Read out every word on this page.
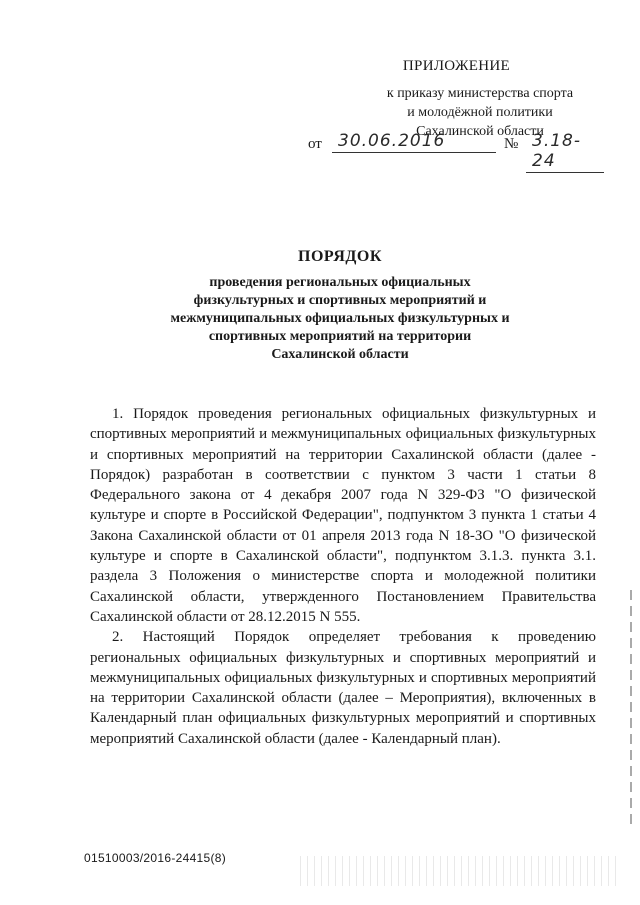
ПРИЛОЖЕНИЕ
к приказу министерства спорта
и молодёжной политики
Сахалинской области
от 30.06.2016	№ 3.18-24
ПОРЯДОК
проведения региональных официальных
физкультурных и спортивных мероприятий и
межмуниципальных официальных физкультурных и
спортивных мероприятий на территории
Сахалинской области

1. Порядок проведения региональных официальных физкультурных и спортивных мероприятий и межмуниципальных официальных физкультурных и спортивных мероприятий на территории Сахалинской области (далее - Порядок) разработан в соответствии с пунктом 3 части 1 статьи 8 Федерального закона от 4 декабря 2007 года N 329-ФЗ "О физической культуре и спорте в Российской Федерации", подпунктом 3 пункта 1 статьи 4 Закона Сахалинской области от 01 апреля 2013 года N 18-ЗО "О физической культуре и спорте в Сахалинской области", подпунктом 3.1.3. пункта 3.1. раздела 3 Положения о министерстве спорта и молодежной политики Сахалинской области, утвержденного Постановлением Правительства Сахалинской области от 28.12.2015 N 555.

2. Настоящий Порядок определяет требования к проведению региональных официальных физкультурных и спортивных мероприятий и межмуниципальных официальных физкультурных и спортивных мероприятий на территории Сахалинской области (далее – Мероприятия), включенных в Календарный план официальных физкультурных мероприятий и спортивных мероприятий Сахалинской области (далее - Календарный план).

01510003/2016-24415(8)
